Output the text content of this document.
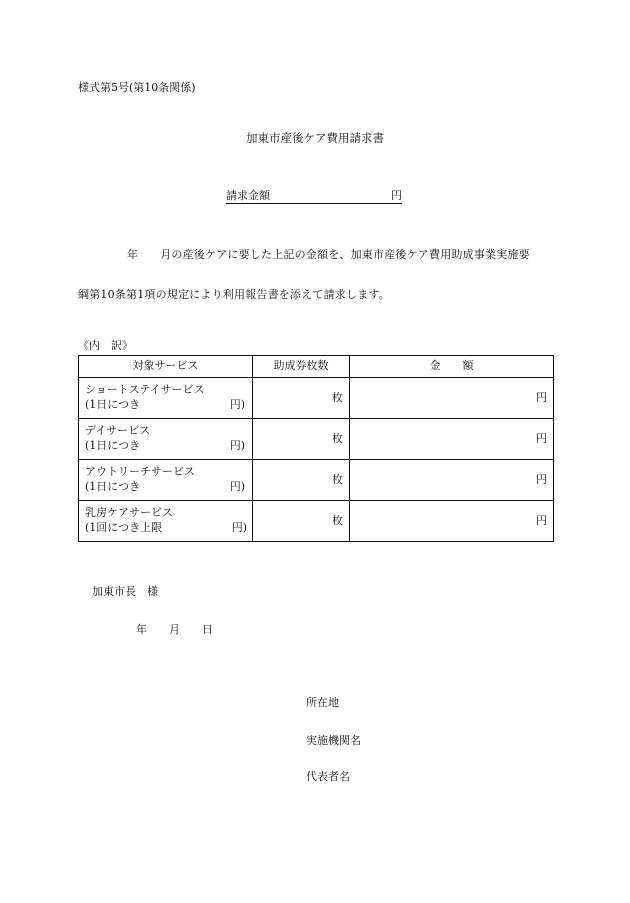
様式第5号(第10条関係)
加東市産後ケア費用請求書
請求金額	円
年 月の産後ケアに要した上記の金額を、加東市産後ケア費用助成事業実施要
綱第10条第1項の規定により利用報告書を添えて請求します。
《内　訳》
対象サービス	助成券枚数	金　　額

ショートステイサービス
(1日につき 円)	枚	円

デイサービス
(1日につき 円)	枚	円

アウトリーチサービス
(1日につき 円)	枚	円

乳房ケアサービス
(1回につき上限 円)	枚	円
加東市長　様
年 月 日
所在地
実施機関名
代表者名
